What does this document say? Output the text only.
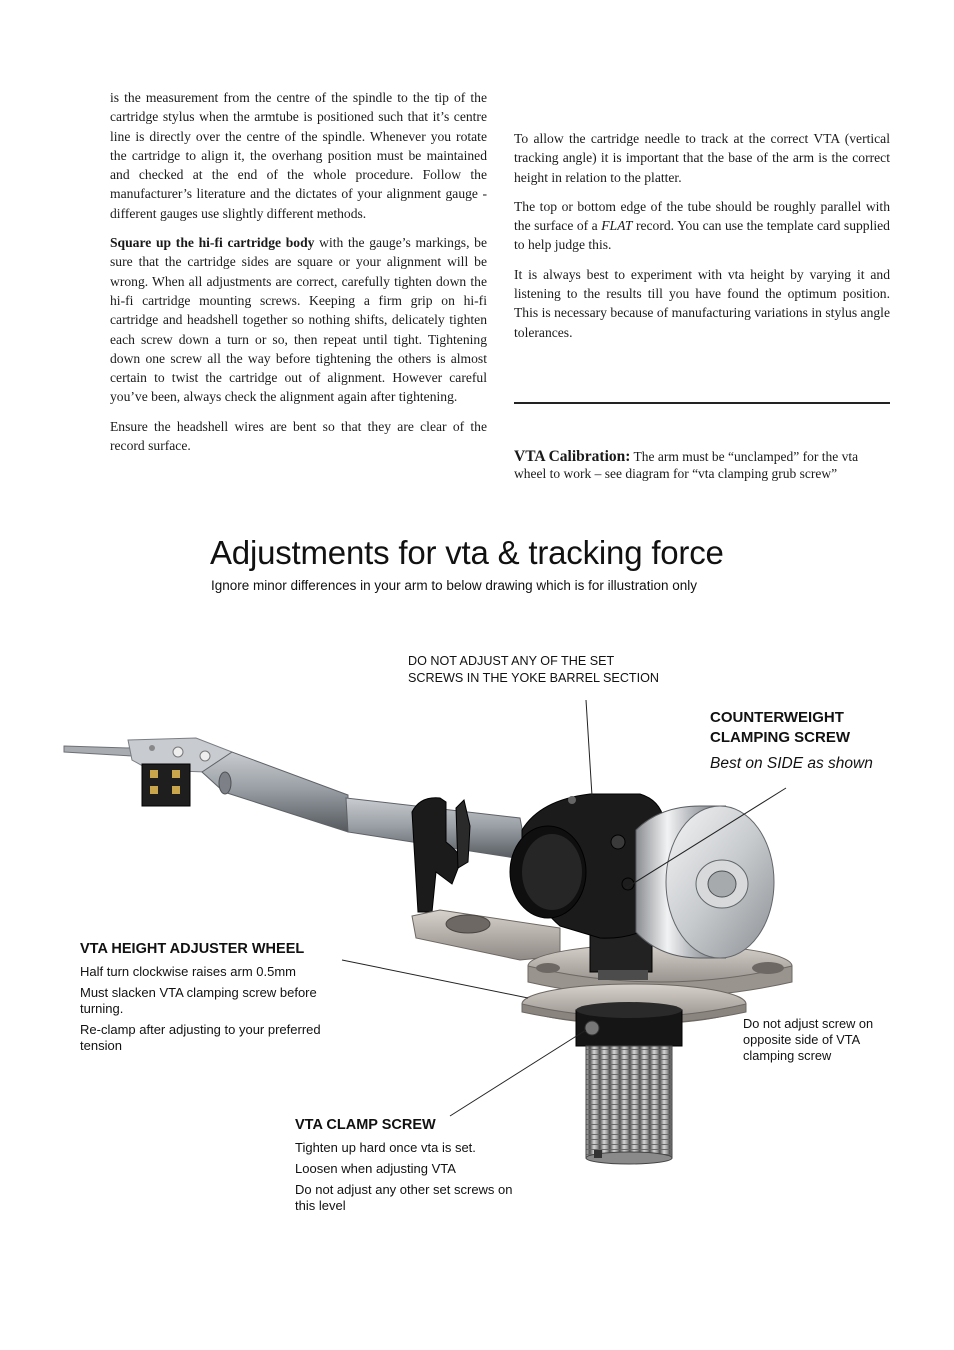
is the measurement from the centre of the spindle to the tip of the cartridge stylus when the armtube is positioned such that it’s centre line is directly over the centre of the spindle. Whenever you rotate the cartridge to align it, the overhang position must be maintained and checked at the end of the whole procedure. Follow the manufacturer’s literature and the dictates of your alignment gauge - different gauges use slightly different methods.

Square up the hi-fi cartridge body with the gauge’s markings, be sure that the cartridge sides are square or your alignment will be wrong. When all adjustments are correct, carefully tighten down the hi-fi cartridge mounting screws. Keeping a firm grip on hi-fi cartridge and headshell together so nothing shifts, delicately tighten each screw down a turn or so, then repeat until tight. Tightening down one screw all the way before tightening the others is almost certain to twist the cartridge out of alignment. However careful you’ve been, always check the alignment again after tightening.

Ensure the headshell wires are bent so that they are clear of the record surface.

To allow the cartridge needle to track at the correct VTA (vertical tracking angle) it is important that the base of the arm is the correct height in relation to the platter.

The top or bottom edge of the tube should be roughly parallel with the surface of a FLAT record. You can use the template card supplied to help judge this.

It is always best to experiment with vta height by varying it and listening to the results till you have found the optimum position. This is necessary because of manufacturing variations in stylus angle tolerances.

VTA Calibration: The arm must be “unclamped” for the vta wheel to work – see diagram for “vta clamping grub screw”
Adjustments for vta & tracking force
Ignore minor differences in your arm to below drawing which is for illustration only
DO NOT ADJUST ANY OF THE SET
SCREWS IN THE YOKE BARREL SECTION
COUNTERWEIGHT
CLAMPING SCREW
Best on SIDE as shown
VTA HEIGHT ADJUSTER WHEEL
Half turn clockwise raises arm 0.5mm
Must slacken VTA clamping screw before turning.
Re-clamp after adjusting to your preferred tension
Do not adjust screw on opposite side of VTA clamping screw
VTA CLAMP SCREW
Tighten up hard once vta is set.
Loosen when adjusting VTA
Do not adjust any other set screws on this level
